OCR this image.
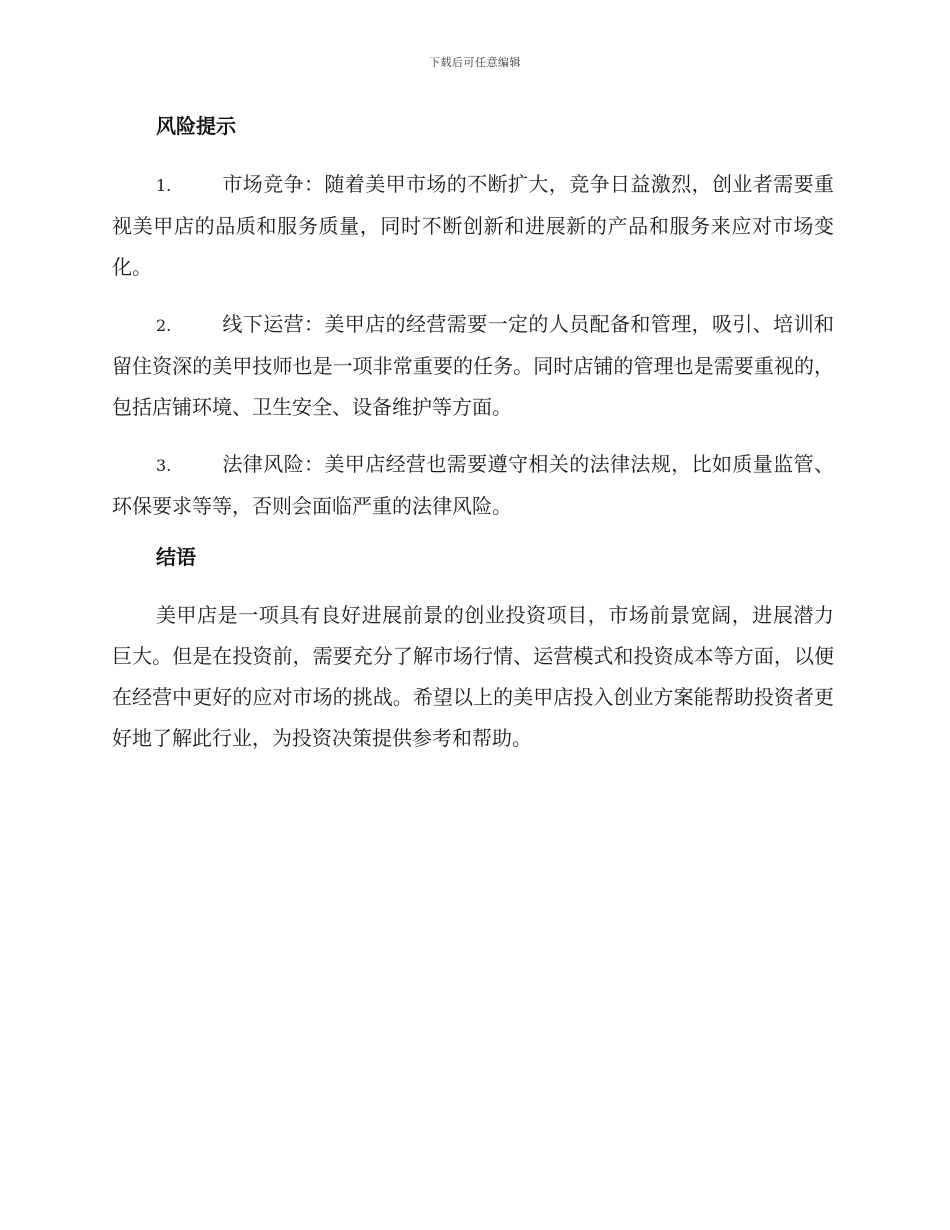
下载后可任意编辑
风险提示

1.	市场竞争：随着美甲市场的不断扩大，竞争日益激烈，创业者需要重视美甲店的品质和服务质量，同时不断创新和进展新的产品和服务来应对市场变化。

2.	线下运营：美甲店的经营需要一定的人员配备和管理，吸引、培训和留住资深的美甲技师也是一项非常重要的任务。同时店铺的管理也是需要重视的，包括店铺环境、卫生安全、设备维护等方面。

3.	法律风险：美甲店经营也需要遵守相关的法律法规，比如质量监管、环保要求等等，否则会面临严重的法律风险。

结语

美甲店是一项具有良好进展前景的创业投资项目，市场前景宽阔，进展潜力巨大。但是在投资前，需要充分了解市场行情、运营模式和投资成本等方面，以便在经营中更好的应对市场的挑战。希望以上的美甲店投入创业方案能帮助投资者更好地了解此行业，为投资决策提供参考和帮助。
